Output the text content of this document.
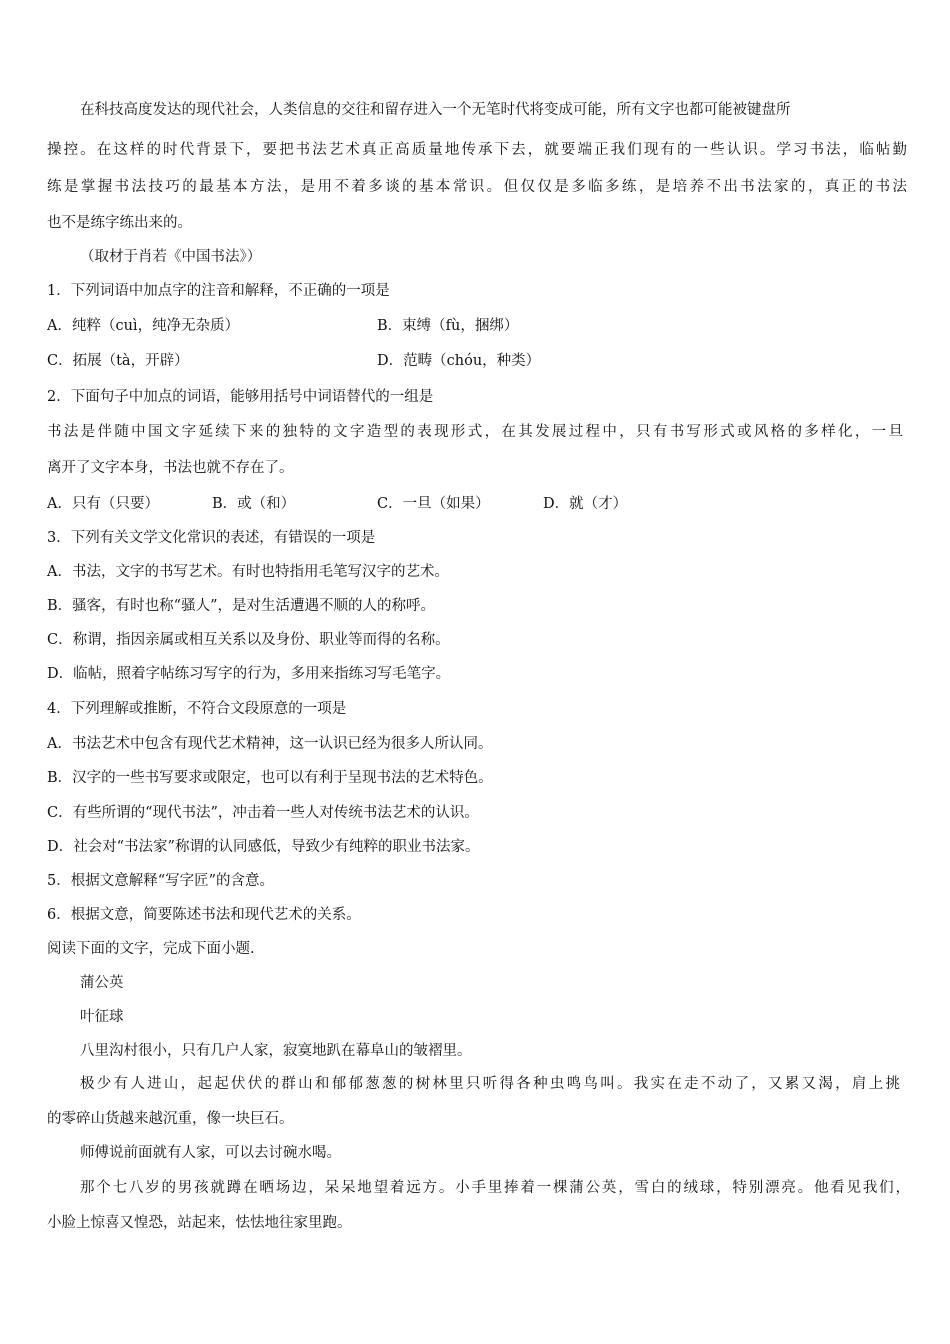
在科技高度发达的现代社会，人类信息的交往和留存进入一个无笔时代将变成可能，所有文字也都可能被键盘所
操控。在这样的时代背景下，要把书法艺术真正高质量地传承下去，就要端正我们现有的一些认识。学习书法，临帖勤
练是掌握书法技巧的最基本方法，是用不着多谈的基本常识。但仅仅是多临多练，是培养不出书法家的，真正的书法
也不是练字练出来的。
（取材于肖若《中国书法》）
1．下列词语中加点字的注音和解释，不正确的一项是
A．纯粹（cuì，纯净无杂质）	B．束缚（fù，捆绑）
C．拓展（tà，开辟）	D．范畴（chóu，种类）
2．下面句子中加点的词语，能够用括号中词语替代的一组是
书法是伴随中国文字延续下来的独特的文字造型的表现形式，在其发展过程中，只有书写形式或风格的多样化，一旦
离开了文字本身，书法也就不存在了。
A．只有（只要）	B．或（和）	C．一旦（如果）	D．就（才）
3．下列有关文学文化常识的表述，有错误的一项是
A．书法，文字的书写艺术。有时也特指用毛笔写汉字的艺术。
B．骚客，有时也称“骚人”，是对生活遭遇不顺的人的称呼。
C．称谓，指因亲属或相互关系以及身份、职业等而得的名称。
D．临帖，照着字帖练习写字的行为，多用来指练习写毛笔字。
4．下列理解或推断，不符合文段原意的一项是
A．书法艺术中包含有现代艺术精神，这一认识已经为很多人所认同。
B．汉字的一些书写要求或限定，也可以有利于呈现书法的艺术特色。
C．有些所谓的“现代书法”，冲击着一些人对传统书法艺术的认识。
D．社会对“书法家”称谓的认同感低，导致少有纯粹的职业书法家。
5．根据文意解释“写字匠”的含意。
6．根据文意，简要陈述书法和现代艺术的关系。
阅读下面的文字，完成下面小题.
蒲公英
叶征球
八里沟村很小，只有几户人家，寂寞地趴在幕阜山的皱褶里。
极少有人进山，起起伏伏的群山和郁郁葱葱的树林里只听得各种虫鸣鸟叫。我实在走不动了，又累又渴，肩上挑
的零碎山货越来越沉重，像一块巨石。
师傅说前面就有人家，可以去讨碗水喝。
那个七八岁的男孩就蹲在晒场边，呆呆地望着远方。小手里捧着一棵蒲公英，雪白的绒球，特别漂亮。他看见我们，
小脸上惊喜又惶恐，站起来，怯怯地往家里跑。
